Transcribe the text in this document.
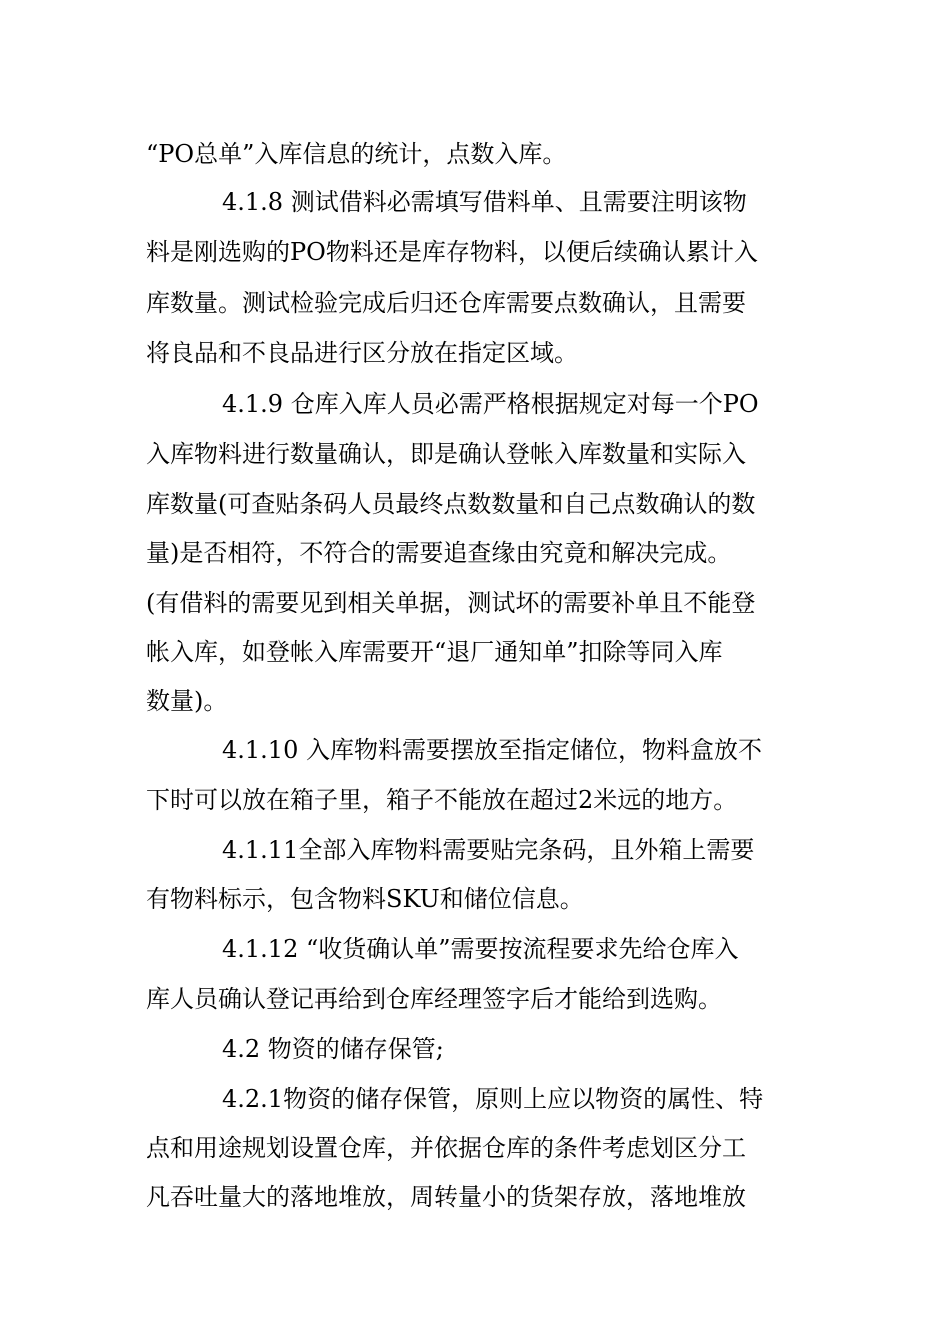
“PO总单”入库信息的统计，点数入库。
4.1.8 测试借料必需填写借料单、且需要注明该物
料是刚选购的PO物料还是库存物料，以便后续确认累计入
库数量。测试检验完成后归还仓库需要点数确认，且需要
将良品和不良品进行区分放在指定区域。
4.1.9 仓库入库人员必需严格根据规定对每一个PO
入库物料进行数量确认，即是确认登帐入库数量和实际入
库数量(可查贴条码人员最终点数数量和自己点数确认的数
量)是否相符，不符合的需要追查缘由究竟和解决完成。
(有借料的需要见到相关单据，测试坏的需要补单且不能登
帐入库，如登帐入库需要开“退厂通知单”扣除等同入库
数量)。
4.1.10 入库物料需要摆放至指定储位，物料盒放不
下时可以放在箱子里，箱子不能放在超过2米远的地方。
4.1.11全部入库物料需要贴完条码，且外箱上需要
有物料标示，包含物料SKU和储位信息。
4.1.12 “收货确认单”需要按流程要求先给仓库入
库人员确认登记再给到仓库经理签字后才能给到选购。
4.2 物资的储存保管;
4.2.1物资的储存保管，原则上应以物资的属性、特
点和用途规划设置仓库，并依据仓库的条件考虑划区分工
凡吞吐量大的落地堆放，周转量小的货架存放，落地堆放
